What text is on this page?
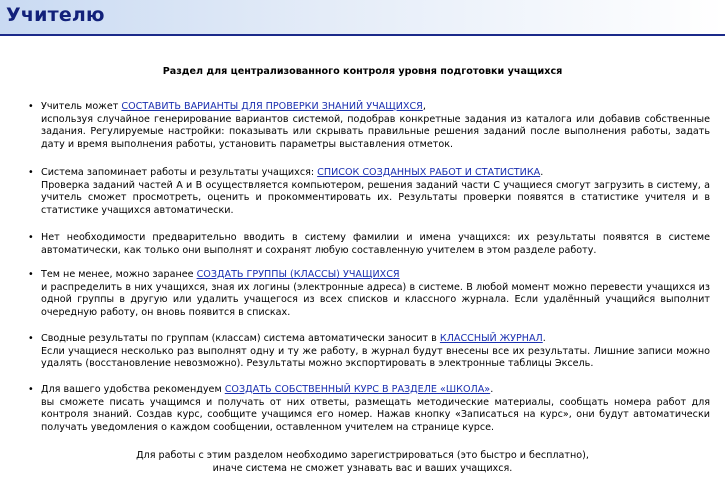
Учителю
Раздел для централизованного контроля уровня подготовки учащихся
• Учитель может СОСТАВИТЬ ВАРИАНТЫ ДЛЯ ПРОВЕРКИ ЗНАНИЙ УЧАЩИХСЯ,
используя случайное генерирование вариантов системой, подобрав конкретные задания из каталога или добавив собственные задания. Регулируемые настройки: показывать или скрывать правильные решения заданий после выполнения работы, задать дату и время выполнения работы, установить параметры выставления отметок.
• Система запоминает работы и результаты учащихся: СПИСОК СОЗДАННЫХ РАБОТ И СТАТИСТИКА.
Проверка заданий частей A и B осуществляется компьютером, решения заданий части C учащиеся смогут загрузить в систему, а учитель сможет просмотреть, оценить и прокомментировать их. Результаты проверки появятся в статистике учителя и в статистике учащихся автоматически.
• Нет необходимости предварительно вводить в систему фамилии и имена учащихся: их результаты появятся в системе автоматически, как только они выполнят и сохранят любую составленную учителем в этом разделе работу.
• Тем не менее, можно заранее СОЗДАТЬ ГРУППЫ (КЛАССЫ) УЧАЩИХСЯ
и распределить в них учащихся, зная их логины (электронные адреса) в системе. В любой момент можно перевести учащихся из одной группы в другую или удалить учащегося из всех списков и классного журнала. Если удалённый учащийся выполнит очередную работу, он вновь появится в списках.
• Сводные результаты по группам (классам) система автоматически заносит в КЛАССНЫЙ ЖУРНАЛ.
Если учащиеся несколько раз выполнят одну и ту же работу, в журнал будут внесены все их результаты. Лишние записи можно удалять (восстановление невозможно). Результаты можно экспортировать в электронные таблицы Эксель.
• Для вашего удобства рекомендуем СОЗДАТЬ СОБСТВЕННЫЙ КУРС В РАЗДЕЛЕ «ШКОЛА».
вы сможете писать учащимся и получать от них ответы, размещать методические материалы, сообщать номера работ для контроля знаний. Создав курс, сообщите учащимся его номер. Нажав кнопку «Записаться на курс», они будут автоматически получать уведомления о каждом сообщении, оставленном учителем на странице курсе.
Для работы с этим разделом необходимо зарегистрироваться (это быстро и бесплатно),
иначе система не сможет узнавать вас и ваших учащихся.
